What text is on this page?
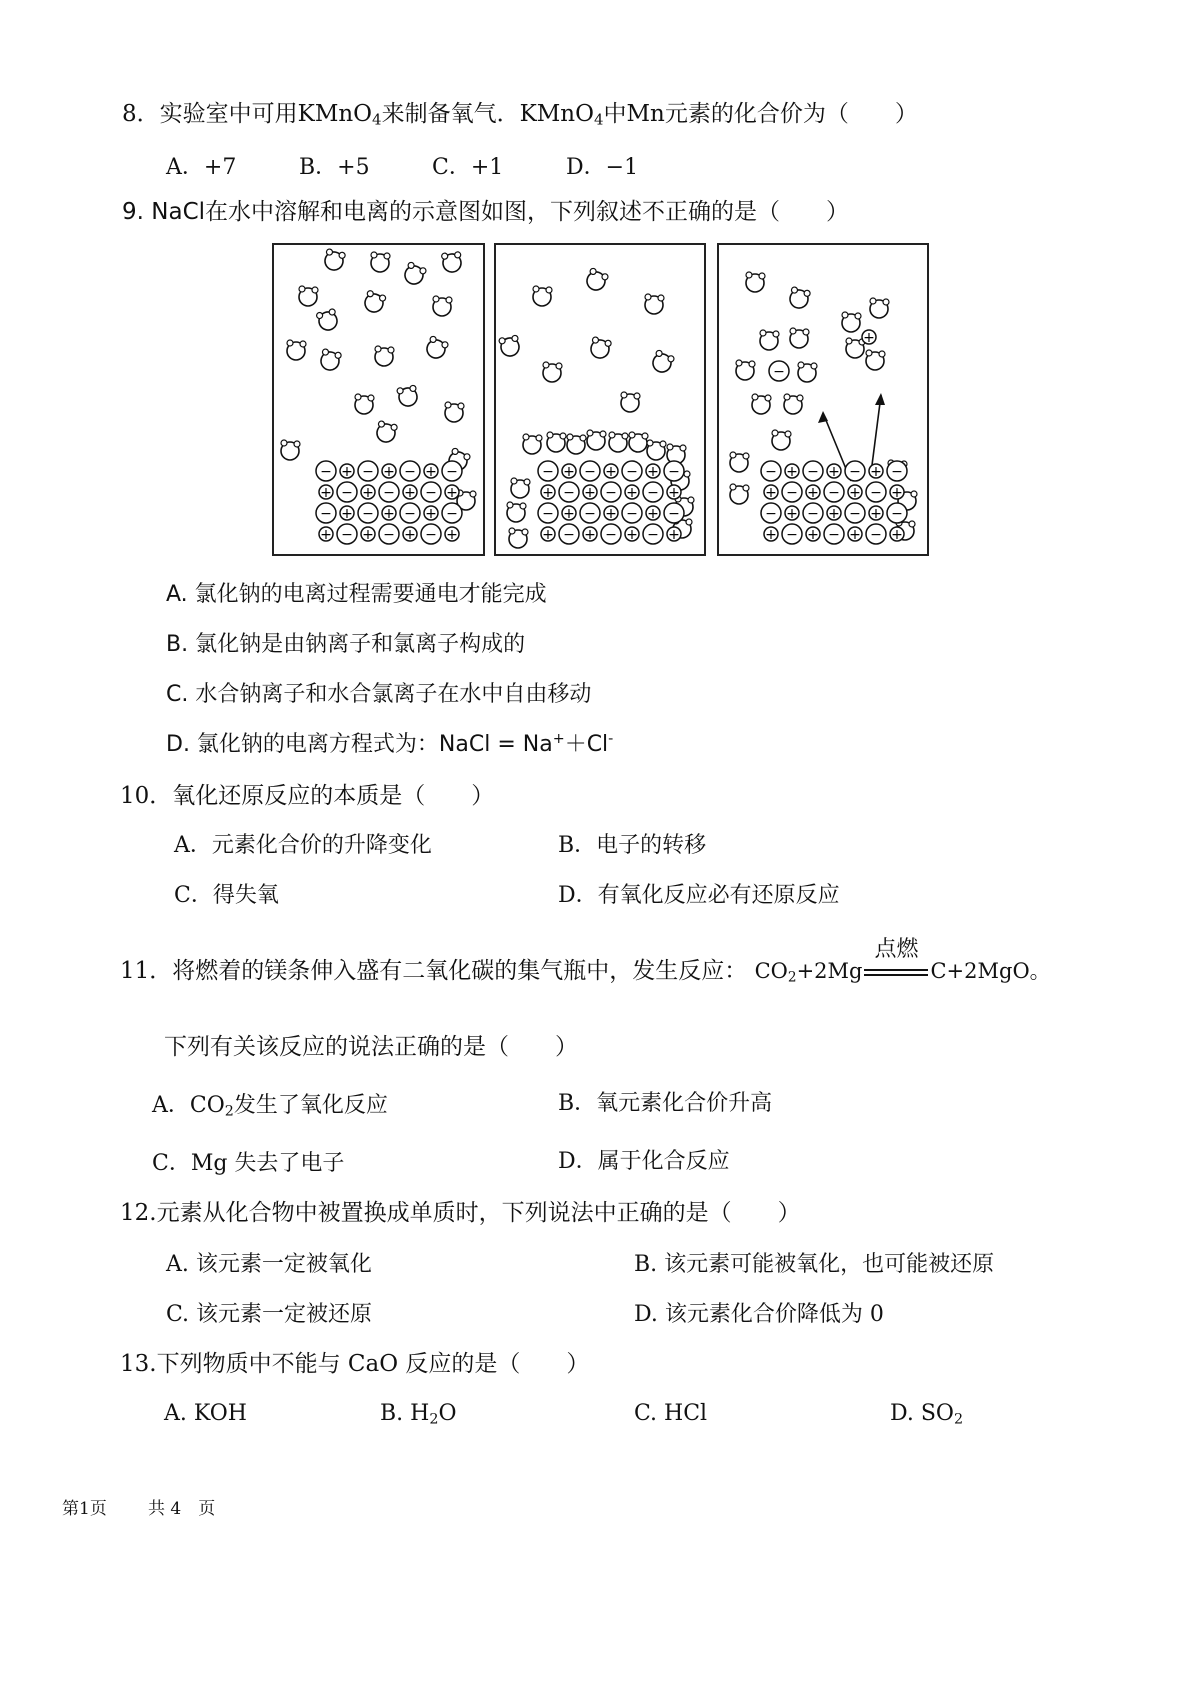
8．实验室中可用KMnO$_4$来制备氧气．KMnO$_4$中Mn元素的化合价为（　　）
A．+7	B．+5	C．+1	D．−1
9. NaCl在水中溶解和电离的示意图如图，下列叙述不正确的是（　　）
− + − + − + −
+ − + − + − +
− + − + − + −
+ − + − + − +
− + − + − + −
+ − + − + − +
− + − + − + −
+ − + − + − +
−
+
− + − + − + −
+ − + − + − +
− + − + − + −
+ − + − + − +
A. 氯化钠的电离过程需要通电才能完成
B. 氯化钠是由钠离子和氯离子构成的
C. 水合钠离子和水合氯离子在水中自由移动
D. 氯化钠的电离方程式为：NaCl = Na+＋Cl-
10．氧化还原反应的本质是（　　）
A．元素化合价的升降变化	B．电子的转移
C．得失氧	D．有氧化反应必有还原反应
11．将燃着的镁条伸入盛有二氧化碳的集气瓶中，发生反应： $CO_2+2Mg$
点燃
C+2MgO。
下列有关该反应的说法正确的是（　　）
A．$CO_2$发生了氧化反应	B．氧元素化合价升高
C．Mg 失去了电子	D．属于化合反应
12.元素从化合物中被置换成单质时，下列说法中正确的是（　　）
A. 该元素一定被氧化	B. 该元素可能被氧化，也可能被还原
C. 该元素一定被还原	D. 该元素化合价降低为 0
13.下列物质中不能与 CaO 反应的是（　　）
A. KOH	B. $H_2O$	C. HCl	D. $SO_2$
第1页 共 4　页
